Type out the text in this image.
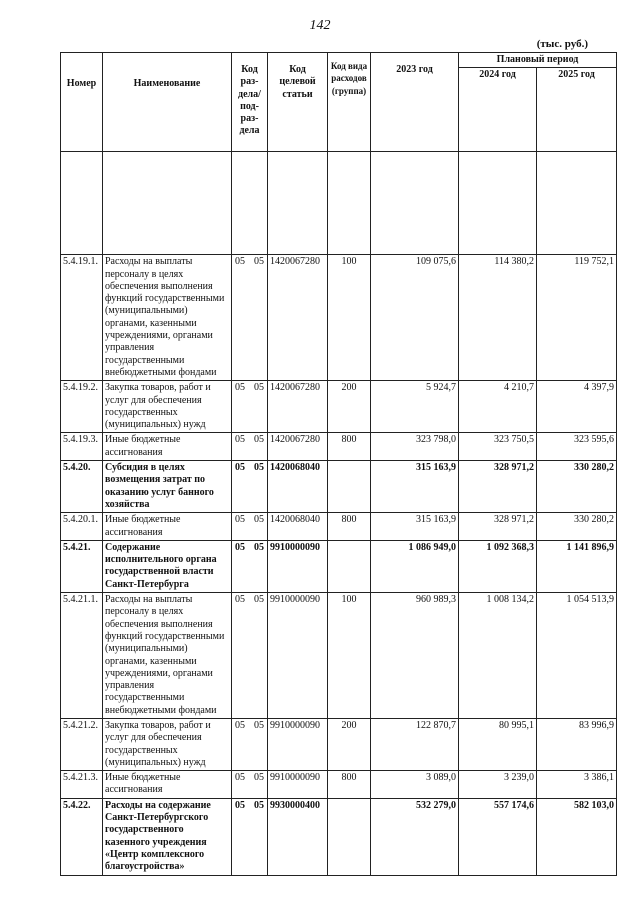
142
(тыс. руб.)
Номер	Наименование	Код раз-дела/ под-раз-дела	Код целевой статьи	Код вида расходов (группа)	2023 год	Плановый период	
						2024 год	2025 год

5.4.19.1.	Расходы на выплаты персоналу в целях обеспечения выполнения функций государственными (муниципальными) органами, казенными учреждениями, органами управления государственными внебюджетными фондами	05 05	1420067280	100	109 075,6	114 380,2	119 752,1
5.4.19.2.	Закупка товаров, работ и услуг для обеспечения государственных (муниципальных) нужд	05 05	1420067280	200	5 924,7	4 210,7	4 397,9
5.4.19.3.	Иные бюджетные ассигнования	05 05	1420067280	800	323 798,0	323 750,5	323 595,6
5.4.20.	Субсидия в целях возмещения затрат по оказанию услуг банного хозяйства	05 05	1420068040		315 163,9	328 971,2	330 280,2
5.4.20.1.	Иные бюджетные ассигнования	05 05	1420068040	800	315 163,9	328 971,2	330 280,2
5.4.21.	Содержание исполнительного органа государственной власти Санкт-Петербурга	05 05	9910000090		1 086 949,0	1 092 368,3	1 141 896,9
5.4.21.1.	Расходы на выплаты персоналу в целях обеспечения выполнения функций государственными (муниципальными) органами, казенными учреждениями, органами управления государственными внебюджетными фондами	05 05	9910000090	100	960 989,3	1 008 134,2	1 054 513,9
5.4.21.2.	Закупка товаров, работ и услуг для обеспечения государственных (муниципальных) нужд	05 05	9910000090	200	122 870,7	80 995,1	83 996,9
5.4.21.3.	Иные бюджетные ассигнования	05 05	9910000090	800	3 089,0	3 239,0	3 386,1
5.4.22.	Расходы на содержание Санкт-Петербургского государственного казенного учреждения «Центр комплексного благоустройства»	05 05	9930000400		532 279,0	557 174,6	582 103,0
